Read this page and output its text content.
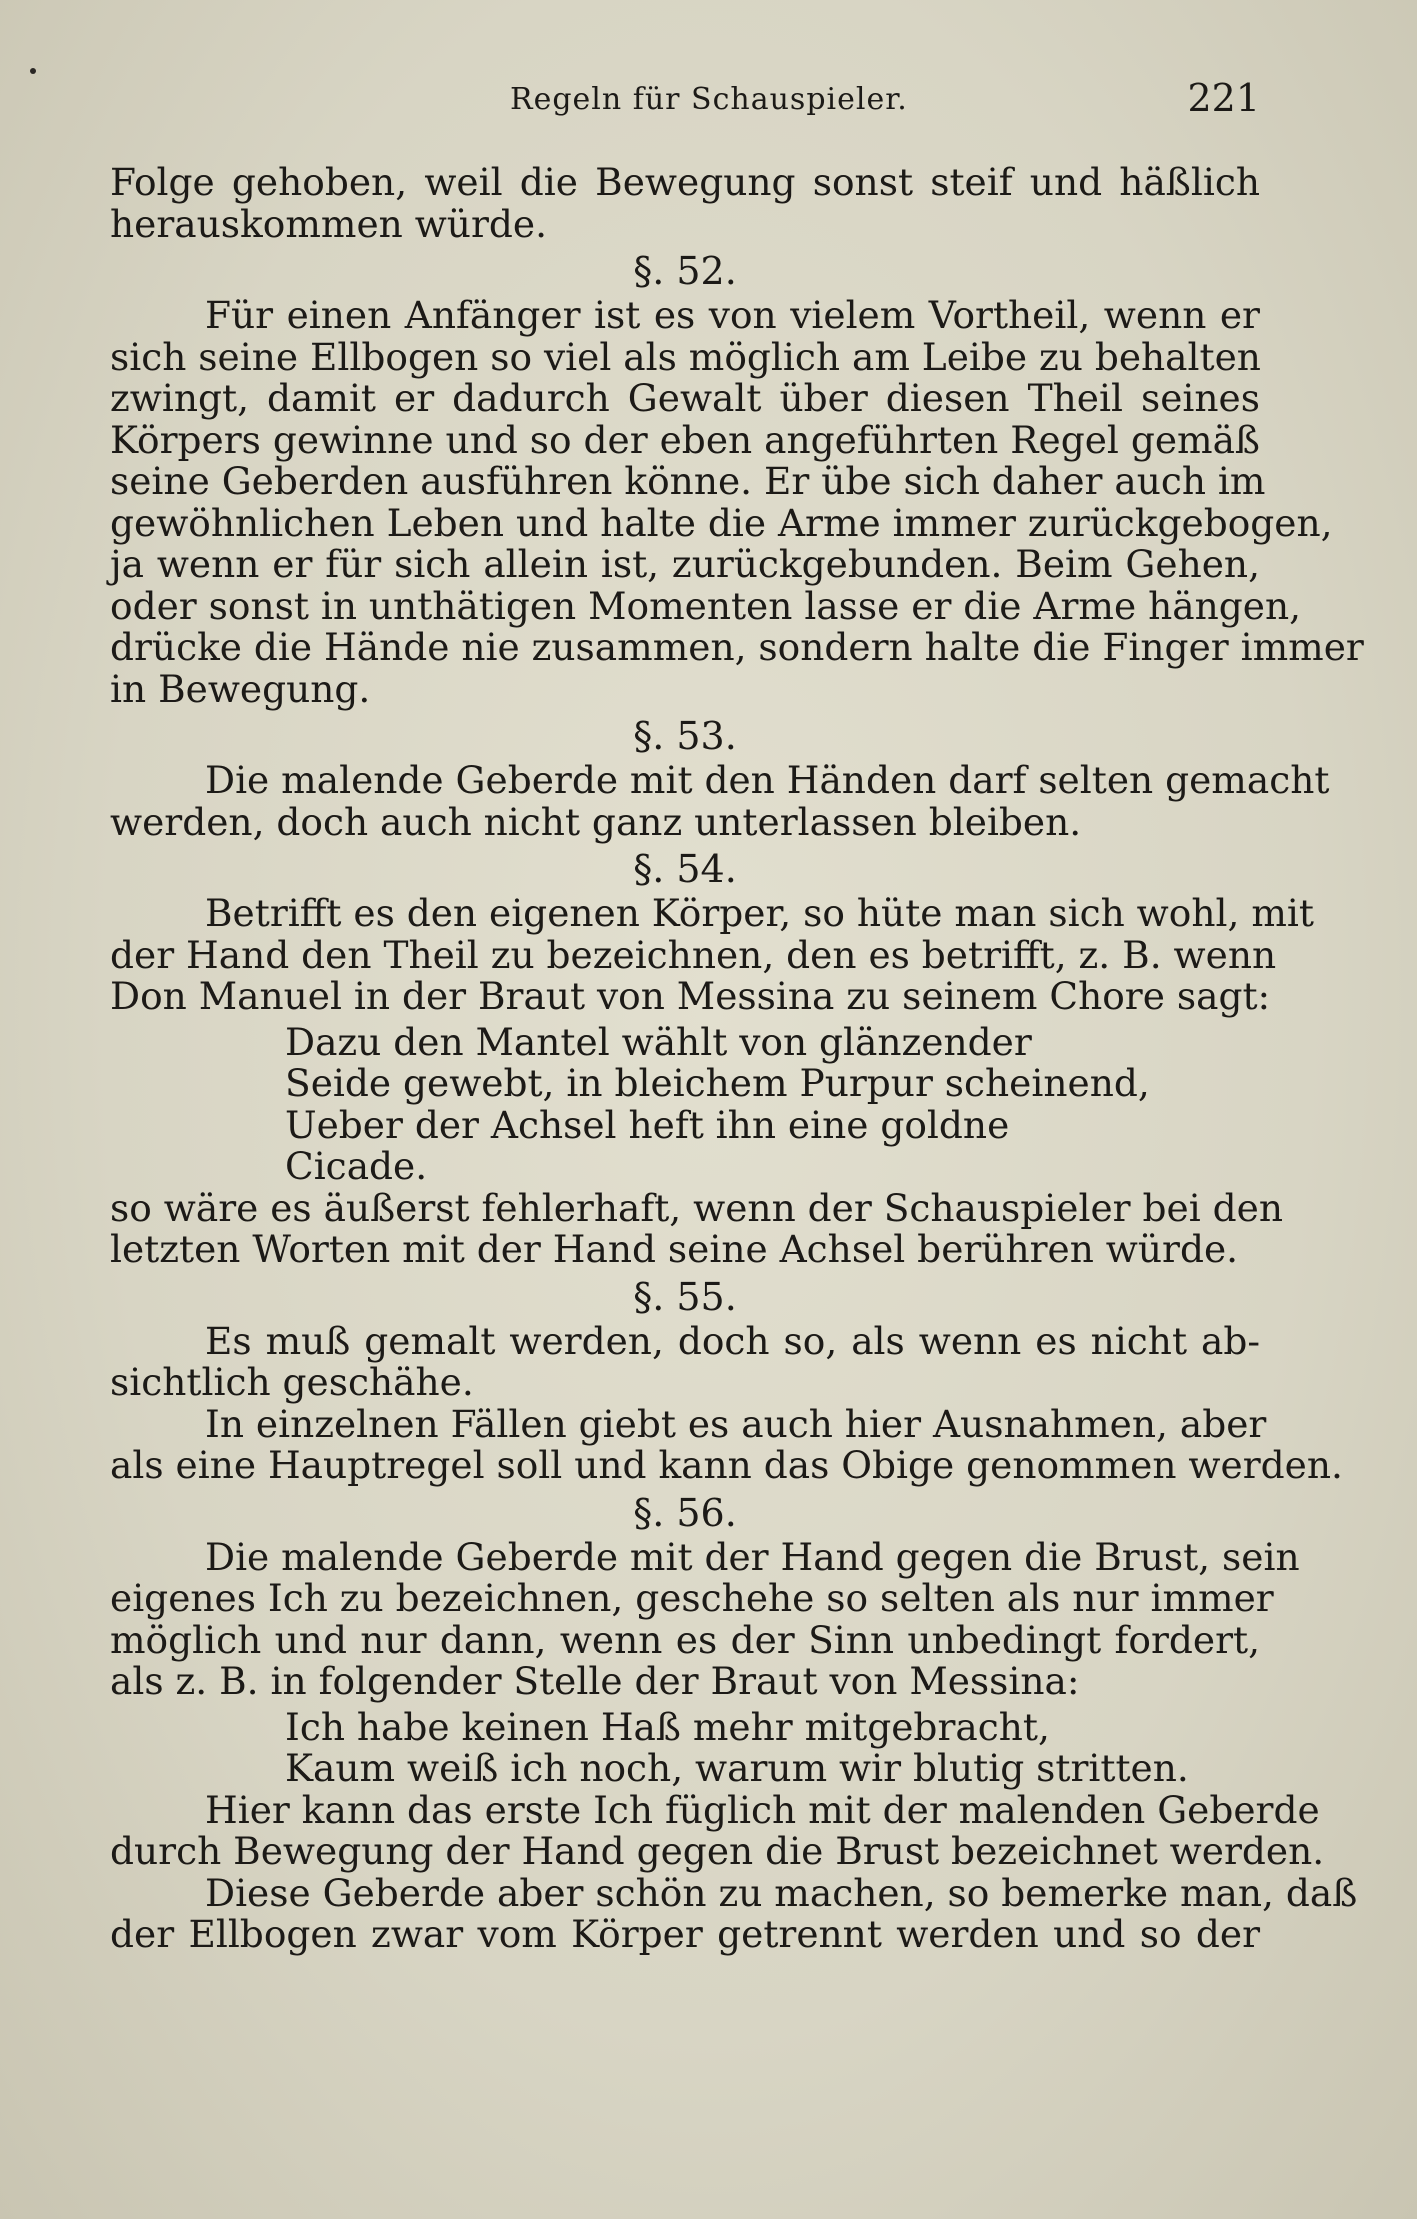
Regeln für Schauspieler.	221
Folge gehoben, weil die Bewegung sonst steif und häßlich
herauskommen würde.
§. 52.
Für einen Anfänger ist es von vielem Vortheil, wenn er
sich seine Ellbogen so viel als möglich am Leibe zu behalten
zwingt, damit er dadurch Gewalt über diesen Theil seines
Körpers gewinne und so der eben angeführten Regel gemäß
seine Geberden ausführen könne. Er übe sich daher auch im
gewöhnlichen Leben und halte die Arme immer zurückgebogen,
ja wenn er für sich allein ist, zurückgebunden. Beim Gehen,
oder sonst in unthätigen Momenten lasse er die Arme hängen,
drücke die Hände nie zusammen, sondern halte die Finger immer
in Bewegung.
§. 53.
Die malende Geberde mit den Händen darf selten gemacht
werden, doch auch nicht ganz unterlassen bleiben.
§. 54.
Betrifft es den eigenen Körper, so hüte man sich wohl, mit
der Hand den Theil zu bezeichnen, den es betrifft, z. B. wenn
Don Manuel in der Braut von Messina zu seinem Chore sagt:
Dazu den Mantel wählt von glänzender
Seide gewebt, in bleichem Purpur scheinend,
Ueber der Achsel heft ihn eine goldne
Cicade.
so wäre es äußerst fehlerhaft, wenn der Schauspieler bei den
letzten Worten mit der Hand seine Achsel berühren würde.
§. 55.
Es muß gemalt werden, doch so, als wenn es nicht ab-
sichtlich geschähe.
In einzelnen Fällen giebt es auch hier Ausnahmen, aber
als eine Hauptregel soll und kann das Obige genommen werden.
§. 56.
Die malende Geberde mit der Hand gegen die Brust, sein
eigenes Ich zu bezeichnen, geschehe so selten als nur immer
möglich und nur dann, wenn es der Sinn unbedingt fordert,
als z. B. in folgender Stelle der Braut von Messina:
Ich habe keinen Haß mehr mitgebracht,
Kaum weiß ich noch, warum wir blutig stritten.
Hier kann das erste Ich füglich mit der malenden Geberde
durch Bewegung der Hand gegen die Brust bezeichnet werden.
Diese Geberde aber schön zu machen, so bemerke man, daß
der Ellbogen zwar vom Körper getrennt werden und so der
